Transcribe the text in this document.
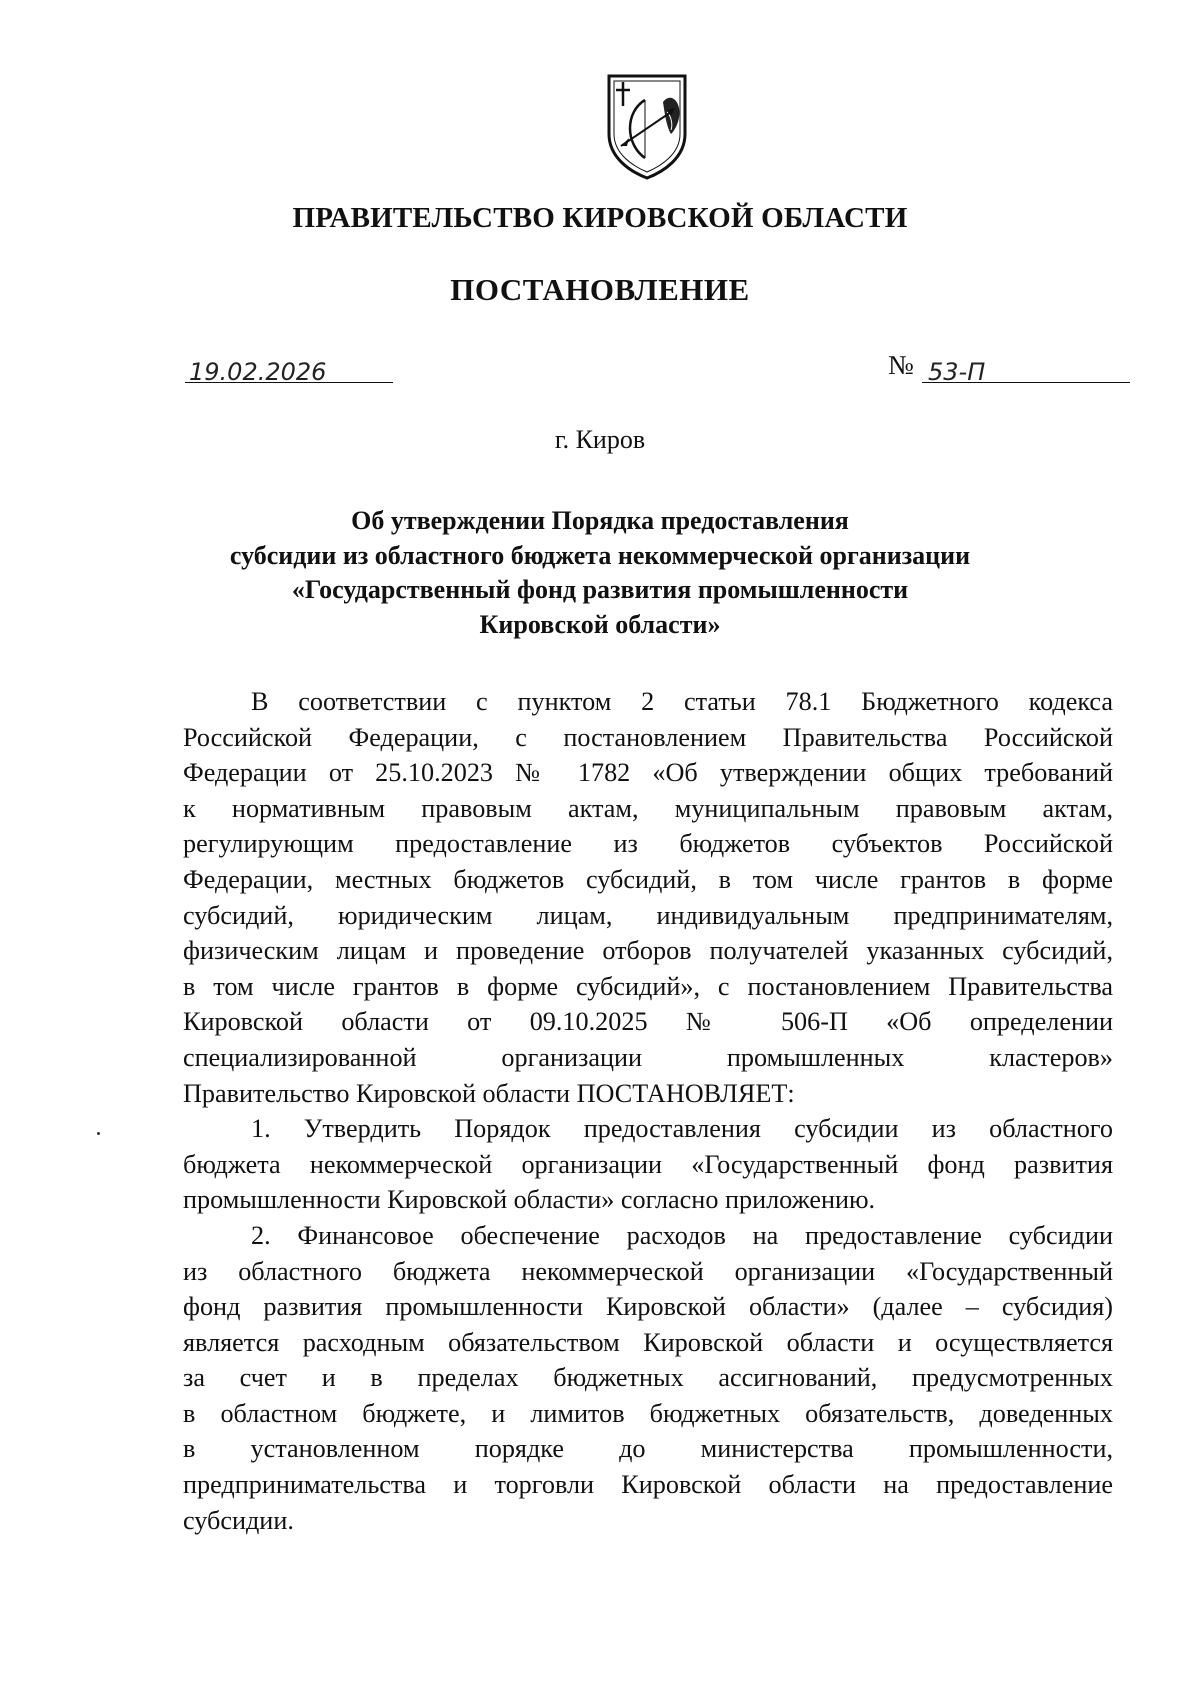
ПРАВИТЕЛЬСТВО КИРОВСКОЙ ОБЛАСТИ
ПОСТАНОВЛЕНИЕ
19.02.2026	№ 53-П
г. Киров
Об утверждении Порядка предоставления
субсидии из областного бюджета некоммерческой организации
«Государственный фонд развития промышленности
Кировской области»
В соответствии с пунктом 2 статьи 78.1 Бюджетного кодекса
Российской Федерации, с постановлением Правительства Российской
Федерации от 25.10.2023 № 1782 «Об утверждении общих требований
к нормативным правовым актам, муниципальным правовым актам,
регулирующим предоставление из бюджетов субъектов Российской
Федерации, местных бюджетов субсидий, в том числе грантов в форме
субсидий, юридическим лицам, индивидуальным предпринимателям,
физическим лицам и проведение отборов получателей указанных субсидий,
в том числе грантов в форме субсидий», с постановлением Правительства
Кировской области от 09.10.2025 № 506-П «Об определении
специализированной организации промышленных кластеров»
Правительство Кировской области ПОСТАНОВЛЯЕТ:
1. Утвердить Порядок предоставления субсидии из областного
бюджета некоммерческой организации «Государственный фонд развития
промышленности Кировской области» согласно приложению.
2. Финансовое обеспечение расходов на предоставление субсидии
из областного бюджета некоммерческой организации «Государственный
фонд развития промышленности Кировской области» (далее – субсидия)
является расходным обязательством Кировской области и осуществляется
за счет и в пределах бюджетных ассигнований, предусмотренных
в областном бюджете, и лимитов бюджетных обязательств, доведенных
в установленном порядке до министерства промышленности,
предпринимательства и торговли Кировской области на предоставление
субсидии.
